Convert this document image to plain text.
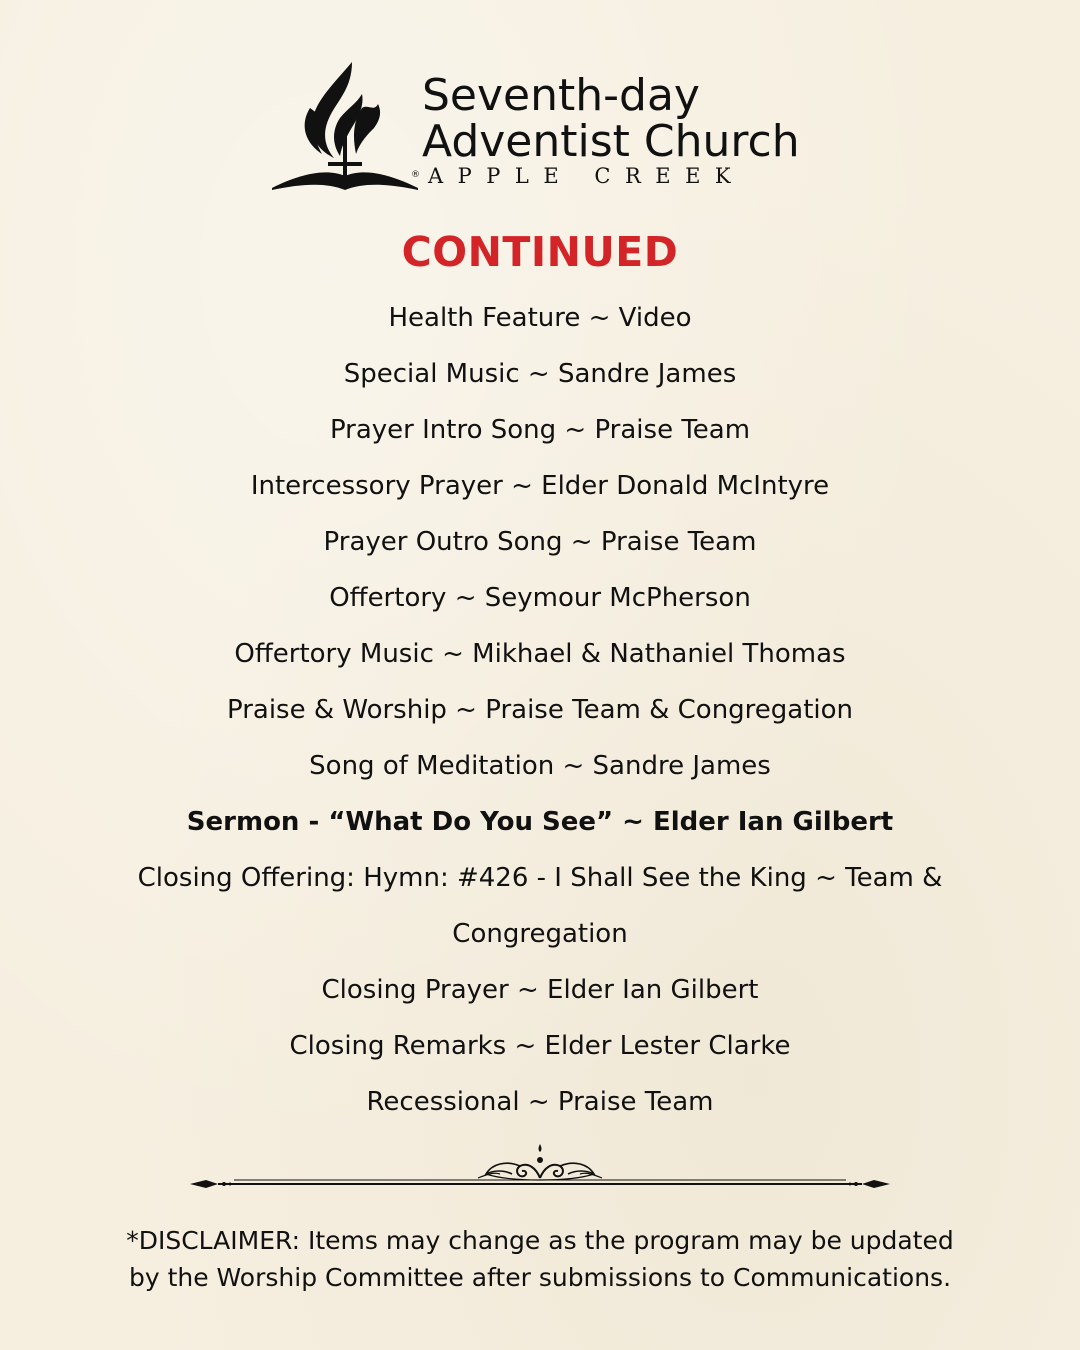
Seventh-day
Adventist Church
APPLE CREEK
®
CONTINUED
Health Feature ~ Video
Special Music ~ Sandre James
Prayer Intro Song ~ Praise Team
Intercessory Prayer ~ Elder Donald McIntyre
Prayer Outro Song ~ Praise Team
Offertory ~ Seymour McPherson
Offertory Music ~ Mikhael & Nathaniel Thomas
Praise & Worship ~ Praise Team & Congregation
Song of Meditation ~ Sandre James
Sermon - “What Do You See” ~ Elder Ian Gilbert
Closing Offering: Hymn: #426 - I Shall See the King ~ Team &
Congregation
Closing Prayer ~ Elder Ian Gilbert
Closing Remarks ~ Elder Lester Clarke
Recessional ~ Praise Team
*DISCLAIMER: Items may change as the program may be updated
by the Worship Committee after submissions to Communications.
